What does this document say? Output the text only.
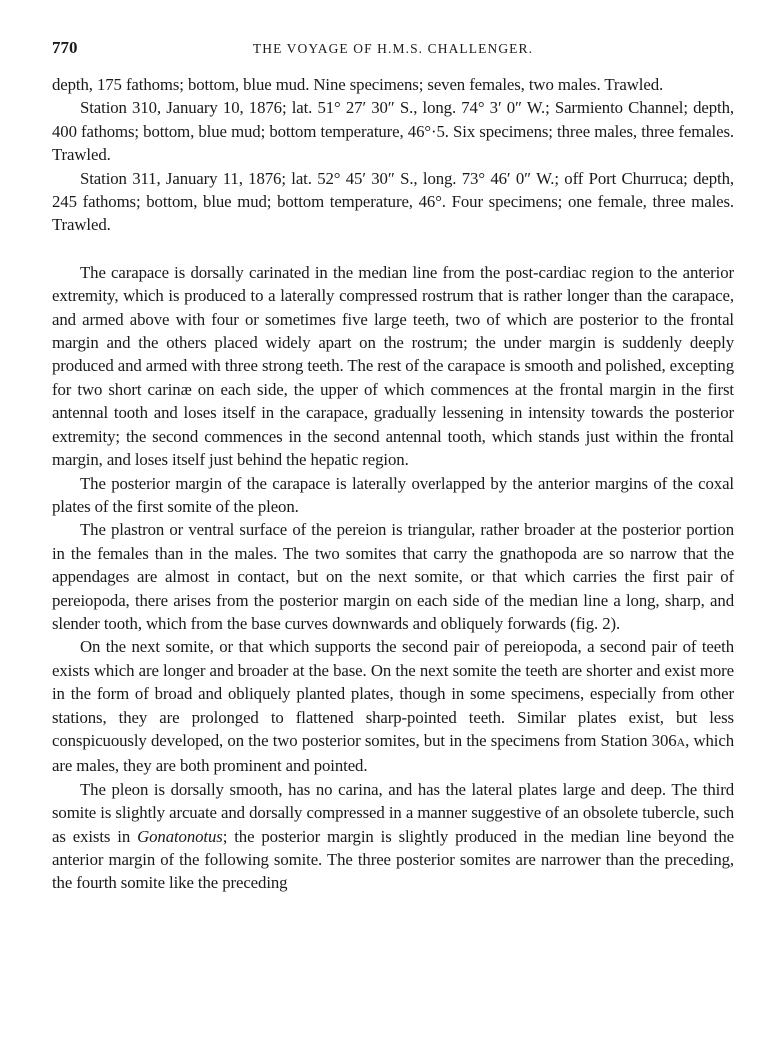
770	THE VOYAGE OF H.M.S. CHALLENGER.

depth, 175 fathoms; bottom, blue mud. Nine specimens; seven females, two males. Trawled.

Station 310, January 10, 1876; lat. 51° 27′ 30″ S., long. 74° 3′ 0″ W.; Sarmiento Channel; depth, 400 fathoms; bottom, blue mud; bottom temperature, 46°·5. Six specimens; three males, three females. Trawled.

Station 311, January 11, 1876; lat. 52° 45′ 30″ S., long. 73° 46′ 0″ W.; off Port Churruca; depth, 245 fathoms; bottom, blue mud; bottom temperature, 46°. Four specimens; one female, three males. Trawled.

The carapace is dorsally carinated in the median line from the post-cardiac region to the anterior extremity, which is produced to a laterally compressed rostrum that is rather longer than the carapace, and armed above with four or sometimes five large teeth, two of which are posterior to the frontal margin and the others placed widely apart on the rostrum; the under margin is suddenly deeply produced and armed with three strong teeth. The rest of the carapace is smooth and polished, excepting for two short carinæ on each side, the upper of which commences at the frontal margin in the first antennal tooth and loses itself in the carapace, gradually lessening in intensity towards the posterior extremity; the second commences in the second antennal tooth, which stands just within the frontal margin, and loses itself just behind the hepatic region.

The posterior margin of the carapace is laterally overlapped by the anterior margins of the coxal plates of the first somite of the pleon.

The plastron or ventral surface of the pereion is triangular, rather broader at the posterior portion in the females than in the males. The two somites that carry the gnathopoda are so narrow that the appendages are almost in contact, but on the next somite, or that which carries the first pair of pereiopoda, there arises from the posterior margin on each side of the median line a long, sharp, and slender tooth, which from the base curves downwards and obliquely forwards (fig. 2).

On the next somite, or that which supports the second pair of pereiopoda, a second pair of teeth exists which are longer and broader at the base. On the next somite the teeth are shorter and exist more in the form of broad and obliquely planted plates, though in some specimens, especially from other stations, they are prolonged to flattened sharp-pointed teeth. Similar plates exist, but less conspicuously developed, on the two posterior somites, but in the specimens from Station 306A, which are males, they are both prominent and pointed.

The pleon is dorsally smooth, has no carina, and has the lateral plates large and deep. The third somite is slightly arcuate and dorsally compressed in a manner suggestive of an obsolete tubercle, such as exists in Gonatonotus; the posterior margin is slightly produced in the median line beyond the anterior margin of the following somite. The three posterior somites are narrower than the preceding, the fourth somite like the preceding
